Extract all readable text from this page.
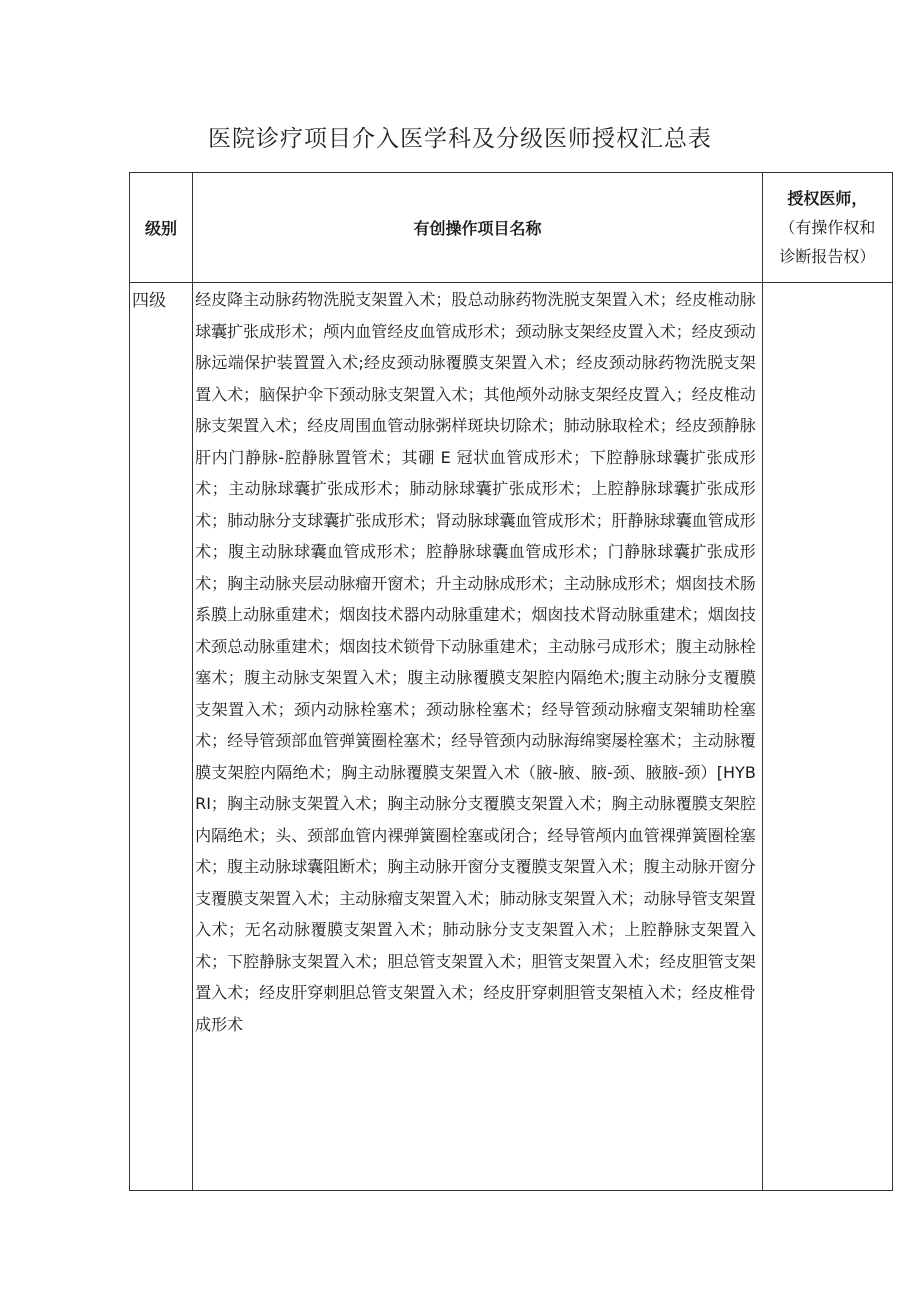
医院诊疗项目介入医学科及分级医师授权汇总表
级别	有创操作项目名称	授权医师，
（有操作权和
诊断报告权）

四级	经皮降主动脉药物洗脱支架置入术；股总动脉药物洗脱支架置入术；经皮椎动脉球囊扩张成形术；颅内血管经皮血管成形术；颈动脉支架经皮置入术；经皮颈动脉远端保护装置置入术;经皮颈动脉覆膜支架置入术；经皮颈动脉药物洗脱支架置入术；脑保护伞下颈动脉支架置入术；其他颅外动脉支架经皮置入；经皮椎动脉支架置入术；经皮周围血管动脉粥样斑块切除术；肺动脉取栓术；经皮颈静脉肝内门静脉-腔静脉置管术；其硼 E 冠状血管成形术；下腔静脉球囊扩张成形术；主动脉球囊扩张成形术；肺动脉球囊扩张成形术；上腔静脉球囊扩张成形术；肺动脉分支球囊扩张成形术；肾动脉球囊血管成形术；肝静脉球囊血管成形术；腹主动脉球囊血管成形术；腔静脉球囊血管成形术；门静脉球囊扩张成形术；胸主动脉夹层动脉瘤开窗术；升主动脉成形术；主动脉成形术；烟囱技术肠系膜上动脉重建术；烟囱技术器内动脉重建术；烟囱技术肾动脉重建术；烟囱技术颈总动脉重建术；烟囱技术锁骨下动脉重建术；主动脉弓成形术；腹主动脉栓塞术；腹主动脉支架置入术；腹主动脉覆膜支架腔内隔绝术;腹主动脉分支覆膜支架置入术；颈内动脉栓塞术；颈动脉栓塞术；经导管颈动脉瘤支架辅助栓塞术；经导管颈部血管弹簧圈栓塞术；经导管颈内动脉海绵窦屡栓塞术；主动脉覆膜支架腔内隔绝术；胸主动脉覆膜支架置入术（腋-腋、腋-颈、腋腋-颈）[HYBRI；胸主动脉支架置入术；胸主动脉分支覆膜支架置入术；胸主动脉覆膜支架腔内隔绝术；头、颈部血管内裸弹簧圈栓塞或闭合；经导管颅内血管裸弹簧圈栓塞术；腹主动脉球囊阻断术；胸主动脉开窗分支覆膜支架置入术；腹主动脉开窗分支覆膜支架置入术；主动脉瘤支架置入术；肺动脉支架置入术；动脉导管支架置入术；无名动脉覆膜支架置入术；肺动脉分支支架置入术；上腔静脉支架置入术；下腔静脉支架置入术；胆总管支架置入术；胆管支架置入术；经皮胆管支架置入术；经皮肝穿刺胆总管支架置入术；经皮肝穿刺胆管支架植入术；经皮椎骨成形术	
